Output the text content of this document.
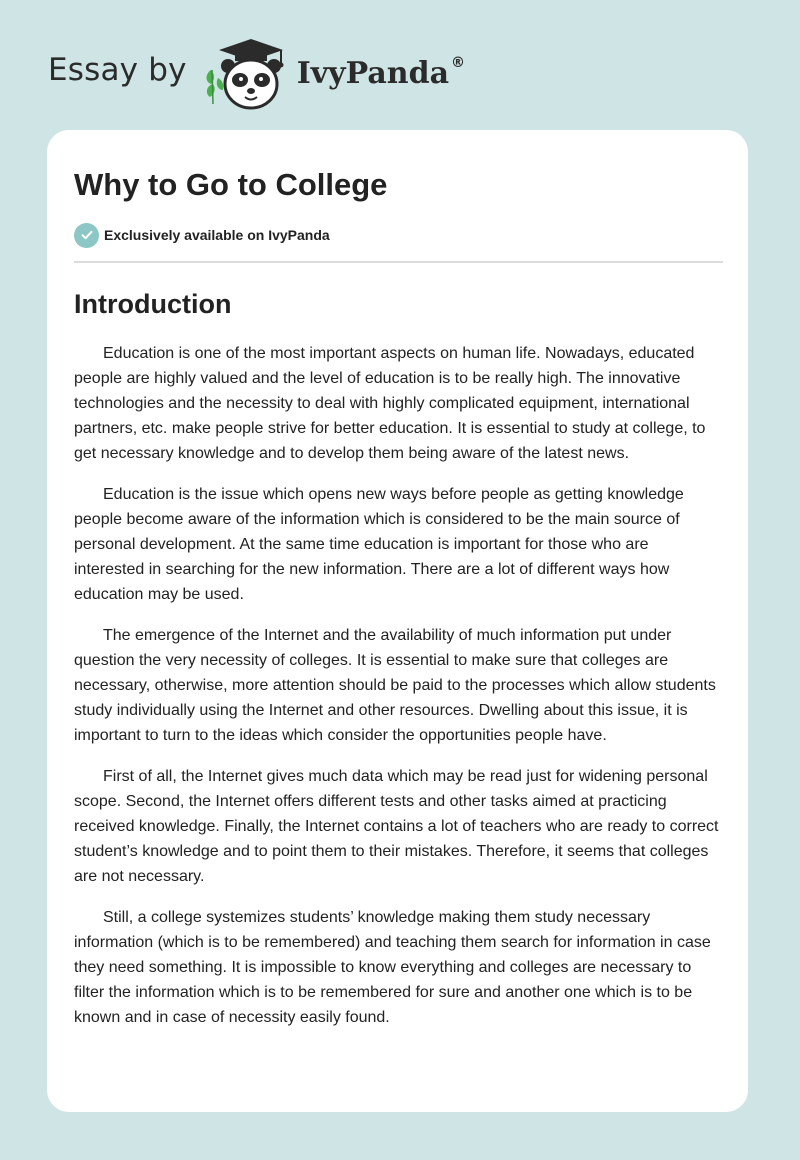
Essay by	IvyPanda ®
Why to Go to College
Exclusively available on IvyPanda
Introduction

Education is one of the most important aspects on human life. Nowadays, educated people are highly valued and the level of education is to be really high. The innovative technologies and the necessity to deal with highly complicated equipment, international partners, etc. make people strive for better education. It is essential to study at college, to get necessary knowledge and to develop them being aware of the latest news.

Education is the issue which opens new ways before people as getting knowledge people become aware of the information which is considered to be the main source of personal development. At the same time education is important for those who are interested in searching for the new information. There are a lot of different ways how education may be used.

The emergence of the Internet and the availability of much information put under question the very necessity of colleges. It is essential to make sure that colleges are necessary, otherwise, more attention should be paid to the processes which allow students study individually using the Internet and other resources. Dwelling about this issue, it is important to turn to the ideas which consider the opportunities people have.

First of all, the Internet gives much data which may be read just for widening personal scope. Second, the Internet offers different tests and other tasks aimed at practicing received knowledge. Finally, the Internet contains a lot of teachers who are ready to correct student’s knowledge and to point them to their mistakes. Therefore, it seems that colleges are not necessary.

Still, a college systemizes students’ knowledge making them study necessary information (which is to be remembered) and teaching them search for information in case they need something. It is impossible to know everything and colleges are necessary to filter the information which is to be remembered for sure and another one which is to be known and in case of necessity easily found.
